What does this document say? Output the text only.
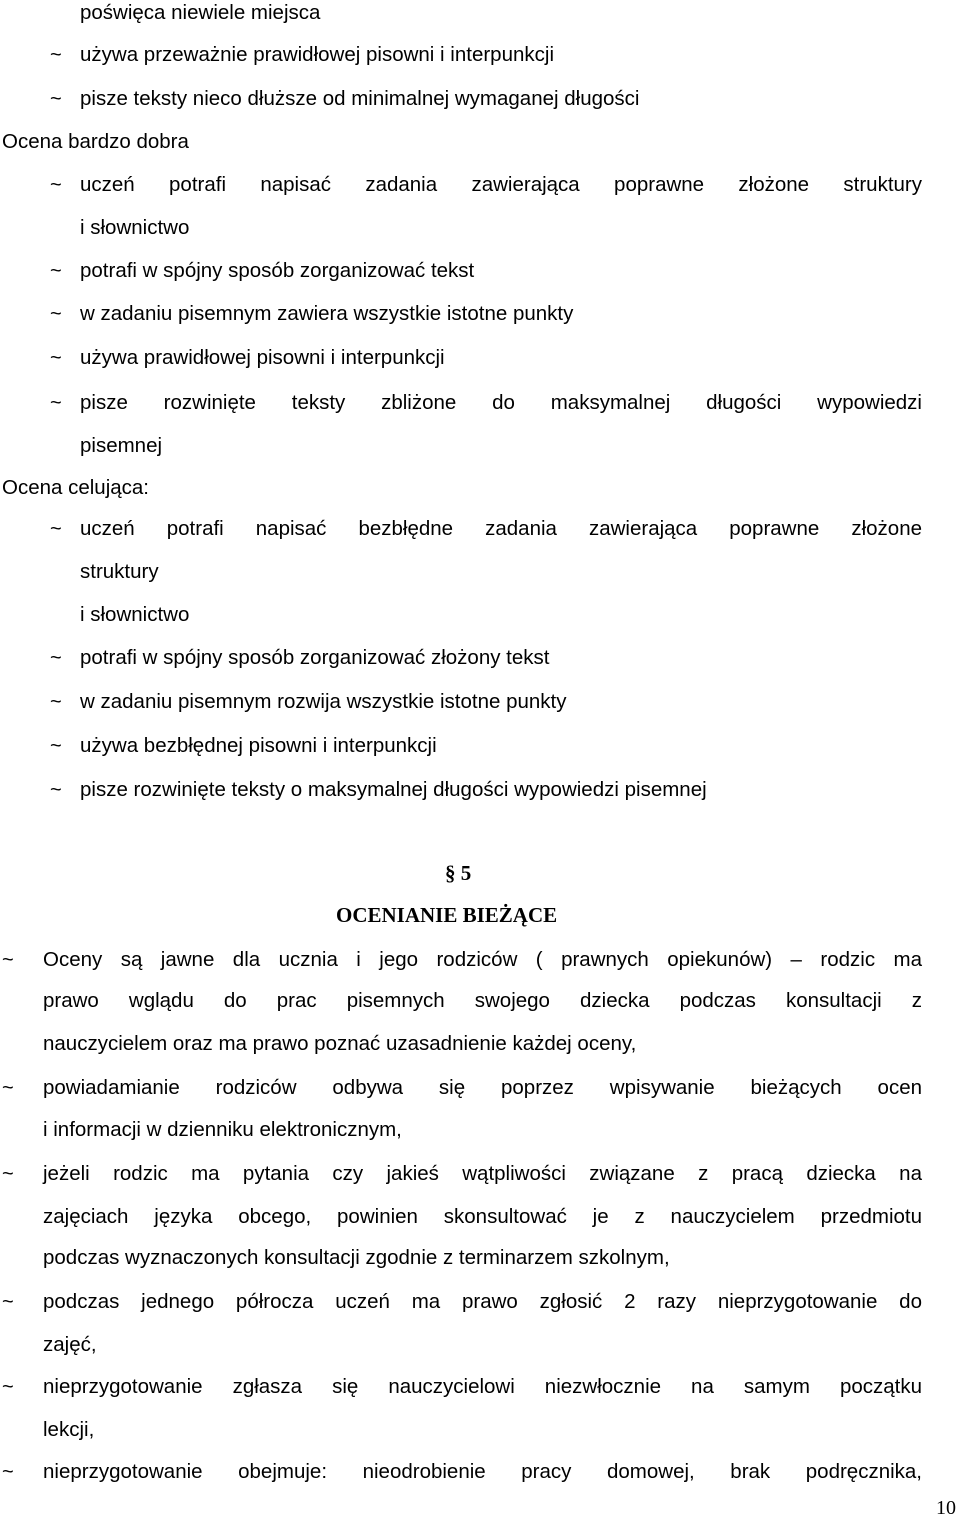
poświęca niewiele miejsca
~ używa przeważnie prawidłowej pisowni i interpunkcji
~ pisze teksty nieco dłuższe od minimalnej wymaganej długości
Ocena bardzo dobra
~ uczeń potrafi napisać zadania zawierająca poprawne złożone struktury
i słownictwo
~ potrafi w spójny sposób zorganizować tekst
~ w zadaniu pisemnym zawiera wszystkie istotne punkty
~ używa prawidłowej pisowni i interpunkcji
~ pisze rozwinięte teksty zbliżone do maksymalnej długości wypowiedzi
pisemnej
Ocena celująca:
~ uczeń potrafi napisać bezbłędne zadania zawierająca poprawne złożone
struktury
i słownictwo
~ potrafi w spójny sposób zorganizować złożony tekst
~ w zadaniu pisemnym rozwija wszystkie istotne punkty
~ używa bezbłędnej pisowni i interpunkcji
~ pisze rozwinięte teksty o maksymalnej długości wypowiedzi pisemnej
§ 5
OCENIANIE BIEŻĄCE
~ Oceny są jawne dla ucznia i jego rodziców ( prawnych opiekunów) – rodzic ma
prawo wglądu do prac pisemnych swojego dziecka podczas konsultacji z
nauczycielem oraz ma prawo poznać uzasadnienie każdej oceny,
~ powiadamianie rodziców odbywa się poprzez wpisywanie bieżących ocen
i informacji w dzienniku elektronicznym,
~ jeżeli rodzic ma pytania czy jakieś wątpliwości związane z pracą dziecka na
zajęciach języka obcego, powinien skonsultować je z nauczycielem przedmiotu
podczas wyznaczonych konsultacji zgodnie z terminarzem szkolnym,
~ podczas jednego półrocza uczeń ma prawo zgłosić 2 razy nieprzygotowanie do
zajęć,
~ nieprzygotowanie zgłasza się nauczycielowi niezwłocznie na samym początku
lekcji,
~ nieprzygotowanie obejmuje: nieodrobienie pracy domowej, brak podręcznika,
10
